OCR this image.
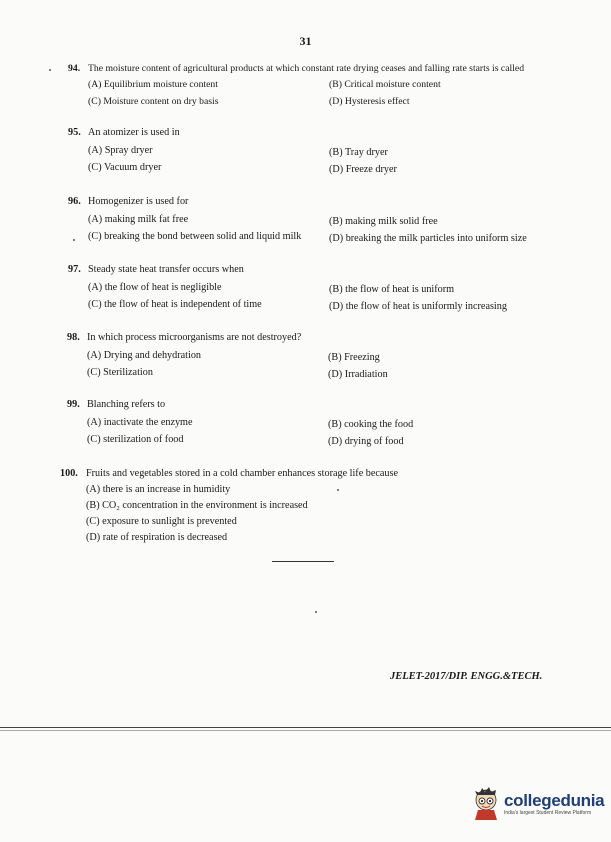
31
94. The moisture content of agricultural products at which constant rate drying ceases and falling rate starts is called
(A) Equilibrium moisture content	(B) Critical moisture content
(C) Moisture content on dry basis	(D) Hysteresis effect
95. An atomizer is used in
(A) Spray dryer	(B) Tray dryer
(C) Vacuum dryer	(D) Freeze dryer
96. Homogenizer is used for
(A) making milk fat free	(B) making milk solid free
(C) breaking the bond between solid and liquid milk	(D) breaking the milk particles into uniform size
97. Steady state heat transfer occurs when
(A) the flow of heat is negligible	(B) the flow of heat is uniform
(C) the flow of heat is independent of time	(D) the flow of heat is uniformly increasing
98. In which process microorganisms are not destroyed?
(A) Drying and dehydration	(B) Freezing
(C) Sterilization	(D) Irradiation
99. Blanching refers to
(A) inactivate the enzyme	(B) cooking the food
(C) sterilization of food	(D) drying of food
100. Fruits and vegetables stored in a cold chamber enhances storage life because
(A) there is an increase in humidity
(B) CO₂ concentration in the environment is increased
(C) exposure to sunlight is prevented
(D) rate of respiration is decreased
JELET-2017/DIP. ENGG.&TECH.
collegedunia
India's largest Student Review Platform
